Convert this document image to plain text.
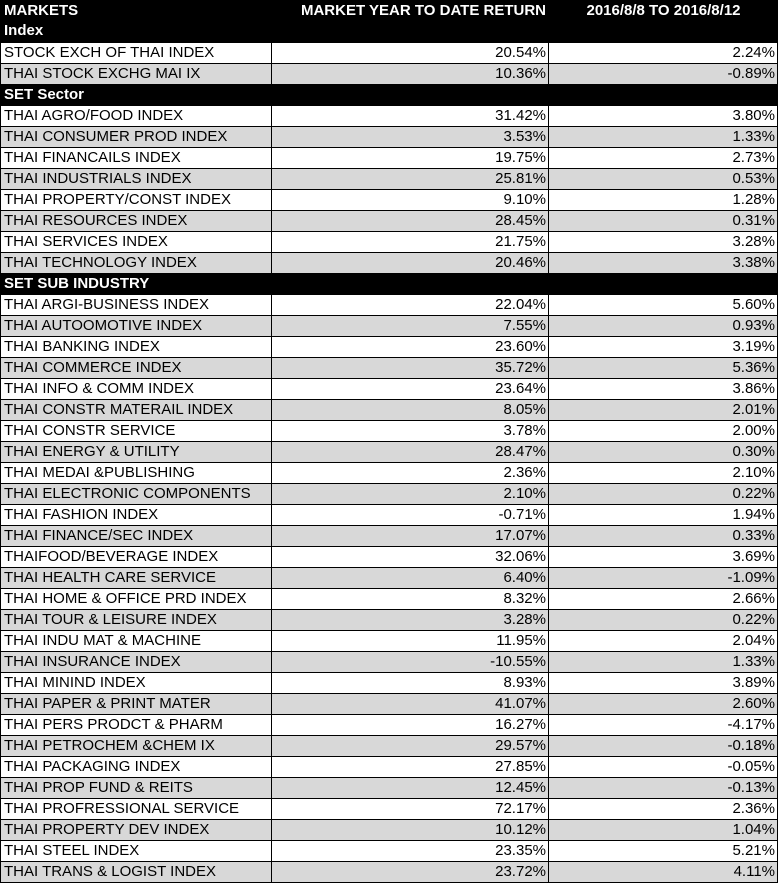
MARKETS
Index	MARKET YEAR TO DATE RETURN	2016/8/8 TO 2016/8/12
STOCK EXCH OF THAI INDEX	20.54%	2.24%
THAI STOCK EXCHG MAI IX	10.36%	-0.89%
SET Sector		
THAI AGRO/FOOD INDEX	31.42%	3.80%
THAI CONSUMER PROD INDEX	3.53%	1.33%
THAI FINANCAILS INDEX	19.75%	2.73%
THAI INDUSTRIALS INDEX	25.81%	0.53%
THAI PROPERTY/CONST INDEX	9.10%	1.28%
THAI RESOURCES INDEX	28.45%	0.31%
THAI SERVICES INDEX	21.75%	3.28%
THAI TECHNOLOGY INDEX	20.46%	3.38%
SET SUB INDUSTRY		
THAI ARGI-BUSINESS INDEX	22.04%	5.60%
THAI AUTOOMOTIVE INDEX	7.55%	0.93%
THAI BANKING INDEX	23.60%	3.19%
THAI COMMERCE INDEX	35.72%	5.36%
THAI INFO & COMM INDEX	23.64%	3.86%
THAI CONSTR MATERAIL INDEX	8.05%	2.01%
THAI CONSTR SERVICE	3.78%	2.00%
THAI ENERGY & UTILITY	28.47%	0.30%
THAI MEDAI &PUBLISHING	2.36%	2.10%
THAI ELECTRONIC COMPONENTS	2.10%	0.22%
THAI FASHION INDEX	-0.71%	1.94%
THAI FINANCE/SEC INDEX	17.07%	0.33%
THAIFOOD/BEVERAGE INDEX	32.06%	3.69%
THAI HEALTH CARE SERVICE	6.40%	-1.09%
THAI HOME & OFFICE PRD INDEX	8.32%	2.66%
THAI TOUR & LEISURE INDEX	3.28%	0.22%
THAI INDU MAT & MACHINE	11.95%	2.04%
THAI INSURANCE INDEX	-10.55%	1.33%
THAI MININD INDEX	8.93%	3.89%
THAI PAPER & PRINT MATER	41.07%	2.60%
THAI PERS PRODCT & PHARM	16.27%	-4.17%
THAI PETROCHEM &CHEM IX	29.57%	-0.18%
THAI PACKAGING INDEX	27.85%	-0.05%
THAI PROP FUND & REITS	12.45%	-0.13%
THAI PROFRESSIONAL SERVICE	72.17%	2.36%
THAI PROPERTY DEV INDEX	10.12%	1.04%
THAI STEEL INDEX	23.35%	5.21%
THAI TRANS & LOGIST INDEX	23.72%	4.11%
